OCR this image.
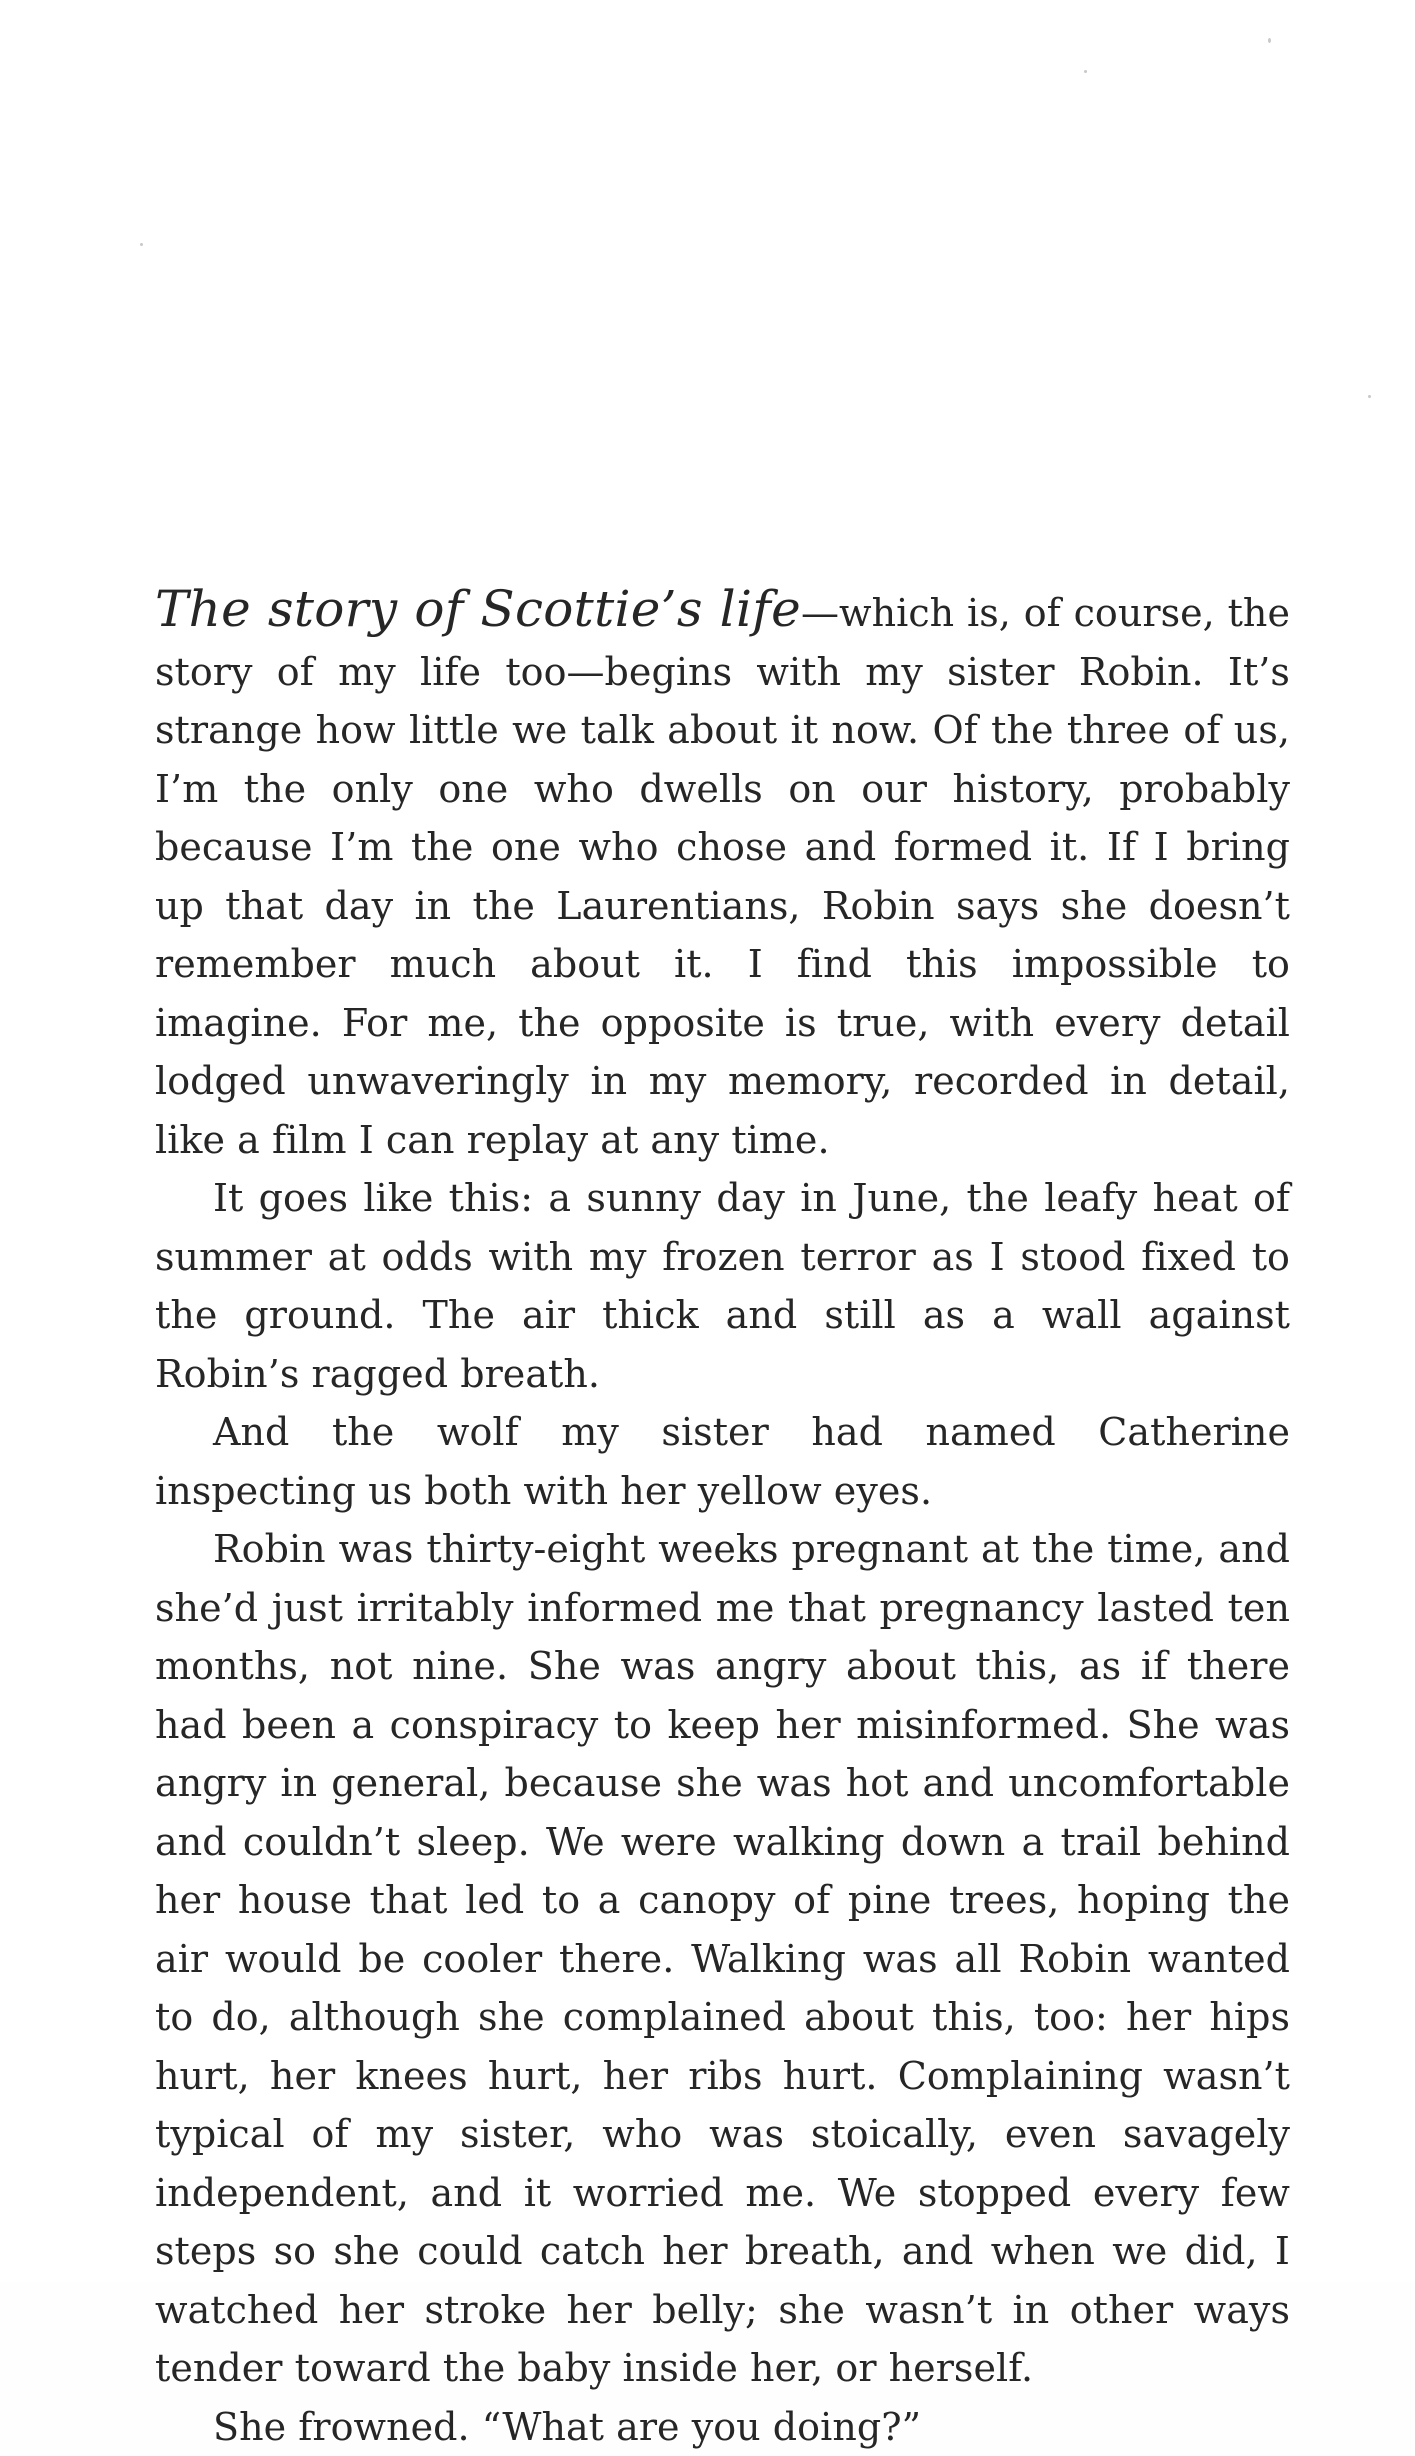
The story of Scottie’s life—which is, of course, the story of my life too—begins with my sister Robin. It’s strange how little we talk about it now. Of the three of us, I’m the only one who dwells on our history, probably because I’m the one who chose and formed it. If I bring up that day in the Laurentians, Robin says she doesn’t remember much about it. I find this impossible to imagine. For me, the opposite is true, with every detail lodged unwaveringly in my memory, recorded in detail, like a film I can replay at any time.

It goes like this: a sunny day in June, the leafy heat of summer at odds with my frozen terror as I stood fixed to the ground. The air thick and still as a wall against Robin’s ragged breath.

And the wolf my sister had named Catherine inspecting us both with her yellow eyes.

Robin was thirty-eight weeks pregnant at the time, and she’d just irritably informed me that pregnancy lasted ten months, not nine. She was angry about this, as if there had been a conspiracy to keep her misinformed. She was angry in general, because she was hot and uncomfortable and couldn’t sleep. We were walking down a trail behind her house that led to a canopy of pine trees, hoping the air would be cooler there. Walking was all Robin wanted to do, although she complained about this, too: her hips hurt, her knees hurt, her ribs hurt. Complaining wasn’t typical of my sister, who was stoically, even savagely independent, and it worried me. We stopped every few steps so she could catch her breath, and when we did, I watched her stroke her belly; she wasn’t in other ways tender toward the baby inside her, or herself.

She frowned. “What are you doing?”
